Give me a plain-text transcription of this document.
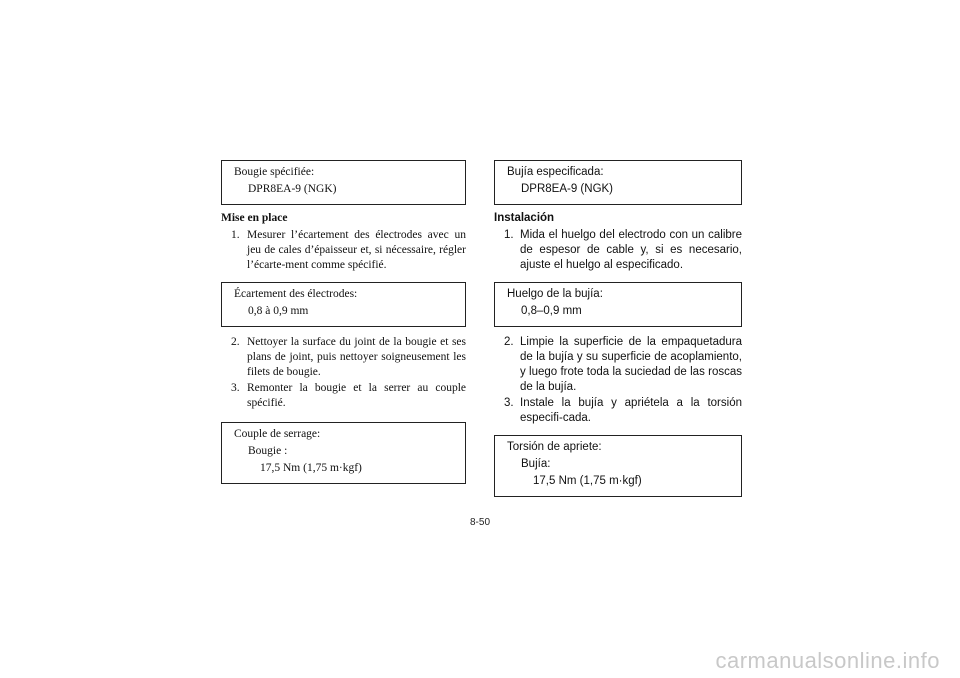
Bougie spécifiée:
DPR8EA-9 (NGK)
Mise en place
1. Mesurer l’écartement des électrodes avec un jeu de cales d’épaisseur et, si nécessaire, régler l’écarte-ment comme spécifié.
Écartement des électrodes:
0,8 à 0,9 mm
2. Nettoyer la surface du joint de la bougie et ses plans de joint, puis nettoyer soigneusement les filets de bougie.
3. Remonter la bougie et la serrer au couple spécifié.
Couple de serrage:
Bougie :
17,5 Nm (1,75 m·kgf)
Bujía especificada:
DPR8EA-9 (NGK)
Instalación
1. Mida el huelgo del electrodo con un calibre de espesor de cable y, si es necesario, ajuste el huelgo al especificado.
Huelgo de la bujía:
0,8–0,9 mm
2. Limpie la superficie de la empaquetadura de la bujía y su superficie de acoplamiento, y luego frote toda la suciedad de las roscas de la bujía.
3. Instale la bujía y apriétela a la torsión especifi-cada.
Torsión de apriete:
Bujía:
17,5 Nm (1,75 m·kgf)
8-50
carmanualsonline.info
